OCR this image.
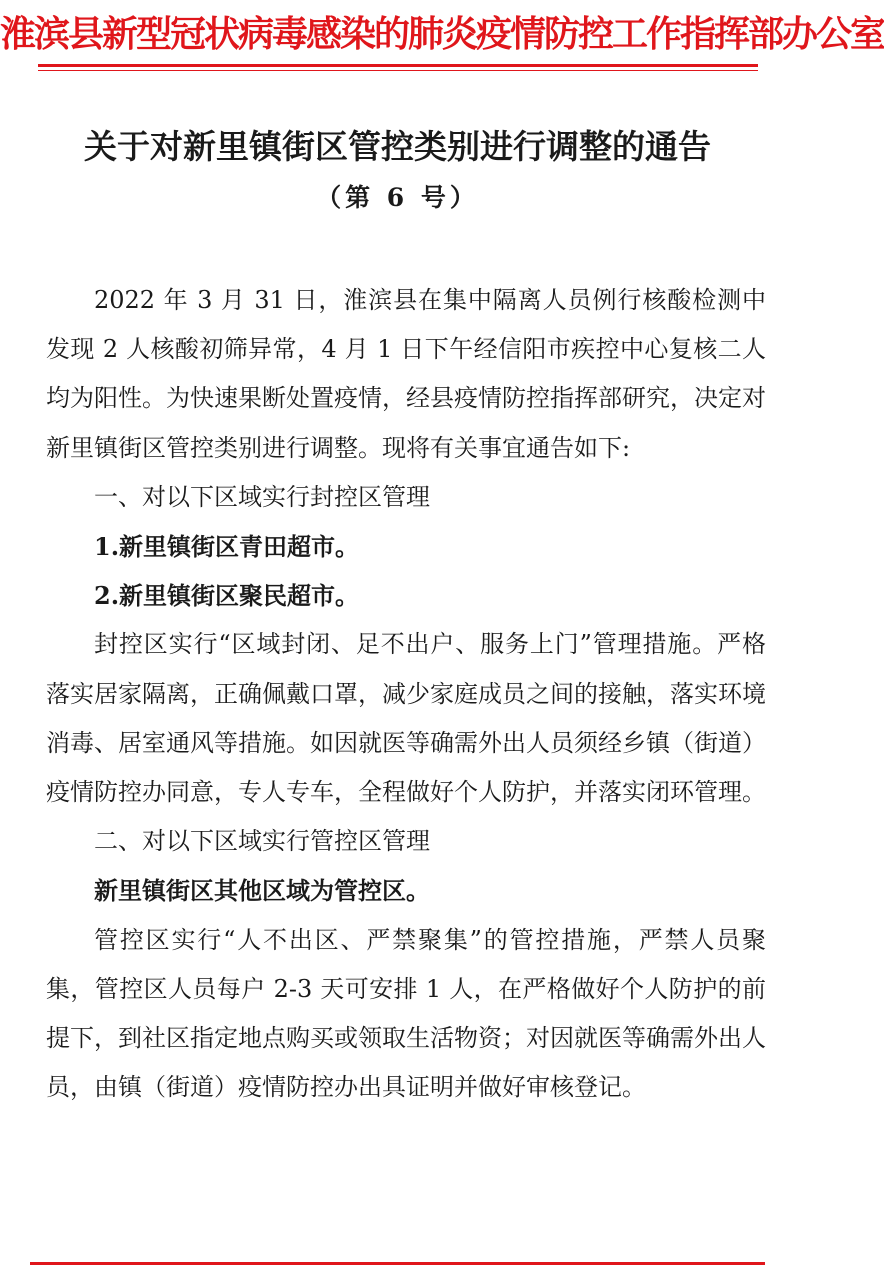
淮滨县新型冠状病毒感染的肺炎疫情防控工作指挥部办公室
关于对新里镇街区管控类别进行调整的通告
（第 6 号）

2022 年 3 月 31 日，淮滨县在集中隔离人员例行核酸检测中发现 2 人核酸初筛异常，4 月 1 日下午经信阳市疾控中心复核二人均为阳性。为快速果断处置疫情，经县疫情防控指挥部研究，决定对新里镇街区管控类别进行调整。现将有关事宜通告如下:

一、对以下区域实行封控区管理

1.新里镇街区青田超市。

2.新里镇街区聚民超市。

封控区实行“区域封闭、足不出户、服务上门”管理措施。严格落实居家隔离，正确佩戴口罩，减少家庭成员之间的接触，落实环境消毒、居室通风等措施。如因就医等确需外出人员须经乡镇（街道）疫情防控办同意，专人专车，全程做好个人防护，并落实闭环管理。

二、对以下区域实行管控区管理

新里镇街区其他区域为管控区。

管控区实行“人不出区、严禁聚集”的管控措施，严禁人员聚集，管控区人员每户 2-3 天可安排 1 人，在严格做好个人防护的前提下，到社区指定地点购买或领取生活物资；对因就医等确需外出人员，由镇（街道）疫情防控办出具证明并做好审核登记。
